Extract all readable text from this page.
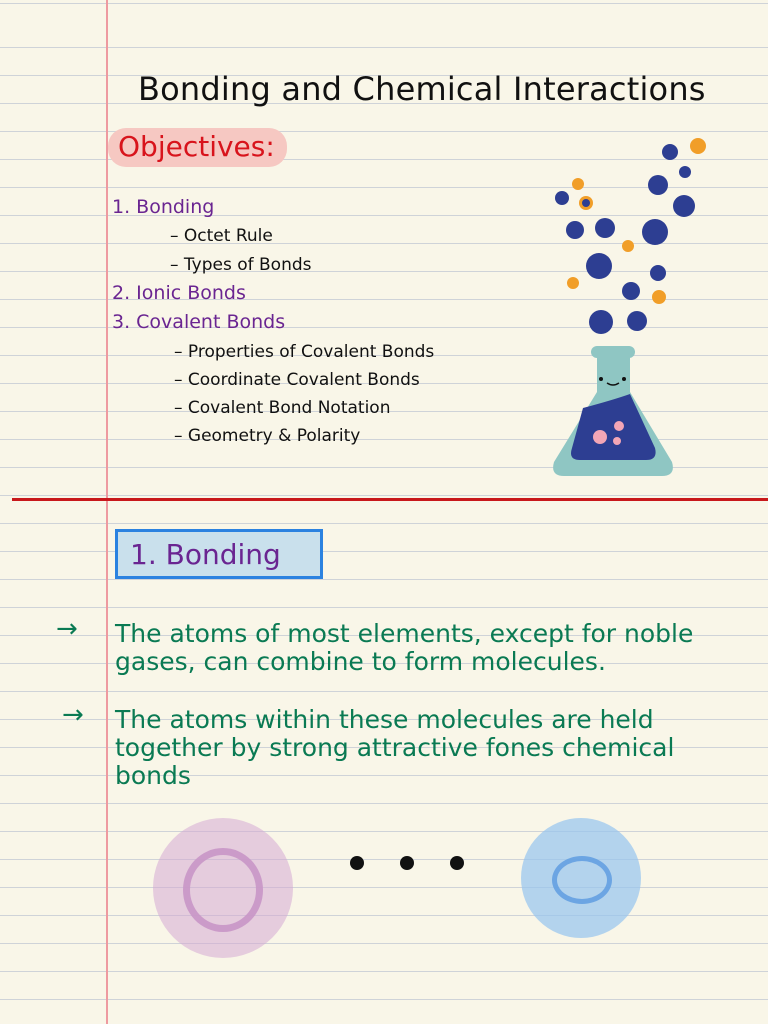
Bonding and Chemical Interactions
Objectives:
1. Bonding
– Octet Rule
– Types of Bonds
2. Ionic Bonds
3. Covalent Bonds
– Properties of Covalent Bonds
– Coordinate Covalent Bonds
– Covalent Bond Notation
– Geometry & Polarity
1. Bonding
→ The atoms of most elements, except for noble gases, can combine to form molecules.
→ The atoms within these molecules are held together by strong attractive fones chemical bonds
